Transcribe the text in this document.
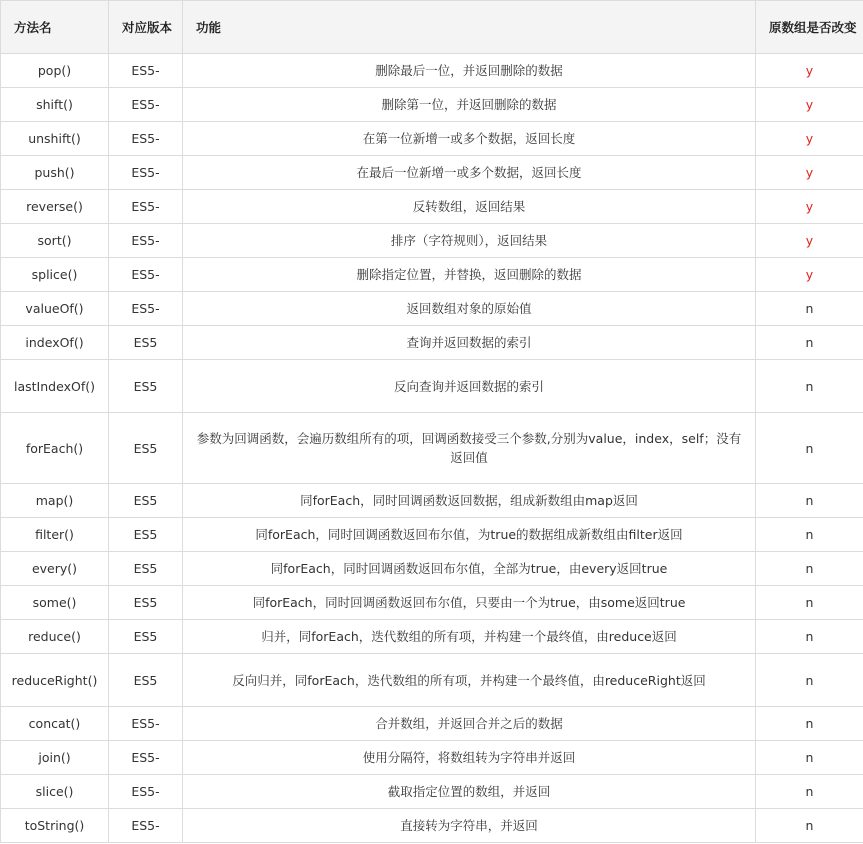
方法名	对应版本	功能	原数组是否改变
pop()	ES5-	删除最后一位，并返回删除的数据	y
shift()	ES5-	删除第一位，并返回删除的数据	y
unshift()	ES5-	在第一位新增一或多个数据，返回长度	y
push()	ES5-	在最后一位新增一或多个数据，返回长度	y
reverse()	ES5-	反转数组，返回结果	y
sort()	ES5-	排序（字符规则），返回结果	y
splice()	ES5-	删除指定位置，并替换，返回删除的数据	y
valueOf()	ES5-	返回数组对象的原始值	n
indexOf()	ES5	查询并返回数据的索引	n
lastIndexOf()	ES5	反向查询并返回数据的索引	n
forEach()	ES5	参数为回调函数，会遍历数组所有的项，回调函数接受三个参数,分别为value，index，self；没有返回值	n
map()	ES5	同forEach，同时回调函数返回数据，组成新数组由map返回	n
filter()	ES5	同forEach，同时回调函数返回布尔值，为true的数据组成新数组由filter返回	n
every()	ES5	同forEach，同时回调函数返回布尔值，全部为true，由every返回true	n
some()	ES5	同forEach，同时回调函数返回布尔值，只要由一个为true，由some返回true	n
reduce()	ES5	归并，同forEach，迭代数组的所有项，并构建一个最终值，由reduce返回	n
reduceRight()	ES5	反向归并，同forEach，迭代数组的所有项，并构建一个最终值，由reduceRight返回	n
concat()	ES5-	合并数组，并返回合并之后的数据	n
join()	ES5-	使用分隔符，将数组转为字符串并返回	n
slice()	ES5-	截取指定位置的数组，并返回	n
toString()	ES5-	直接转为字符串，并返回	n
